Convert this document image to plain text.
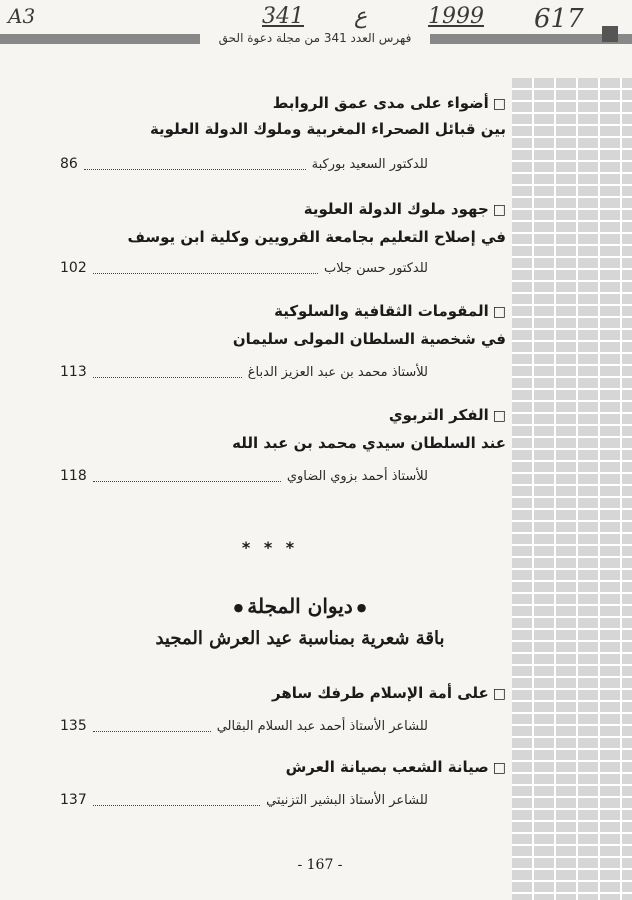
A3	341 ع	1999 617
فهرس العدد 341 من مجلة دعوة الحق
□أضواء على مدى عمق الروابط
بين قبائل الصحراء المغربية وملوك الدولة العلوية
للدكتور السعيد بوركبة
86
□جهود ملوك الدولة العلوية
في إصلاح التعليم بجامعة القرويين وكلية ابن يوسف
للدكتور حسن جلاب
102
□المقومات الثقافية والسلوكية
في شخصية السلطان المولى سليمان
للأستاذ محمد بن عبد العزيز الدباغ
113
□الفكر التربوي
عند السلطان سيدي محمد بن عبد الله
للأستاذ أحمد بزوي الضاوي
118
* * *
●ديوان المجلة●
باقة شعرية بمناسبة عيد العرش المجيد
□على أمة الإسلام طرفك ساهر
للشاعر الأستاذ أحمد عبد السلام البقالي
135
□صيانة الشعب بصيانة العرش
للشاعر الأستاذ البشير التزنيتي
137
- 167 -
